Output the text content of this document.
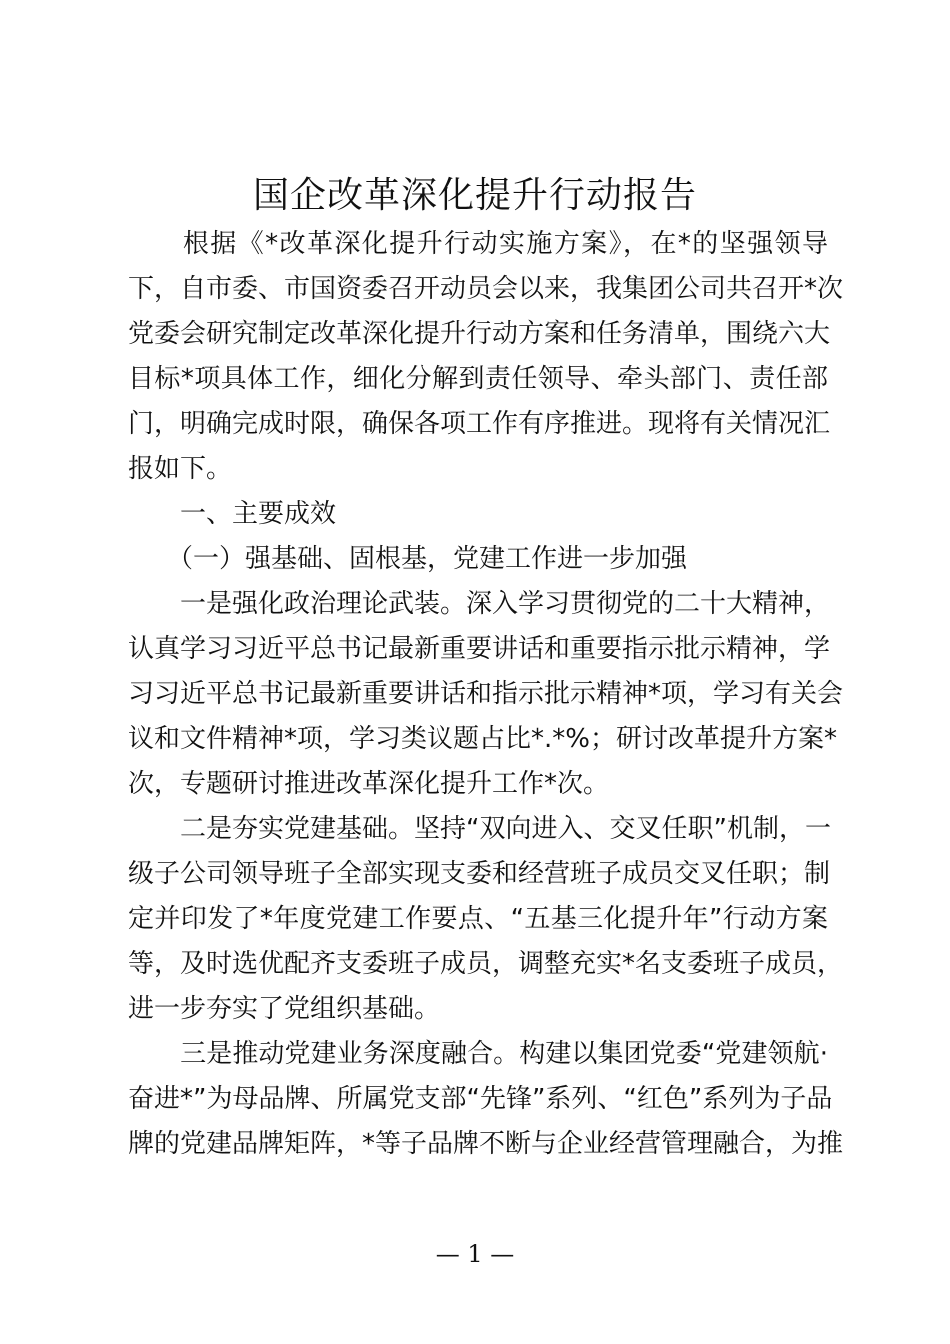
国企改革深化提升行动报告
　　根据《*改革深化提升行动实施方案》，在*的坚强领导
下，自市委、市国资委召开动员会以来，我集团公司共召开*次
党委会研究制定改革深化提升行动方案和任务清单，围绕六大
目标*项具体工作，细化分解到责任领导、牵头部门、责任部
门，明确完成时限，确保各项工作有序推进。现将有关情况汇
报如下。
　　一、主要成效
　　（一）强基础、固根基，党建工作进一步加强
　　一是强化政治理论武装。深入学习贯彻党的二十大精神，
认真学习习近平总书记最新重要讲话和重要指示批示精神，学
习习近平总书记最新重要讲话和指示批示精神*项，学习有关会
议和文件精神*项，学习类议题占比*.*%；研讨改革提升方案*
次，专题研讨推进改革深化提升工作*次。
　　二是夯实党建基础。坚持“双向进入、交叉任职”机制，一
级子公司领导班子全部实现支委和经营班子成员交叉任职；制
定并印发了*年度党建工作要点、“五基三化提升年”行动方案
等，及时选优配齐支委班子成员，调整充实*名支委班子成员，
进一步夯实了党组织基础。
　　三是推动党建业务深度融合。构建以集团党委“党建领航·
奋进*”为母品牌、所属党支部“先锋”系列、“红色”系列为子品
牌的党建品牌矩阵，*等子品牌不断与企业经营管理融合，为推
— 1 —
